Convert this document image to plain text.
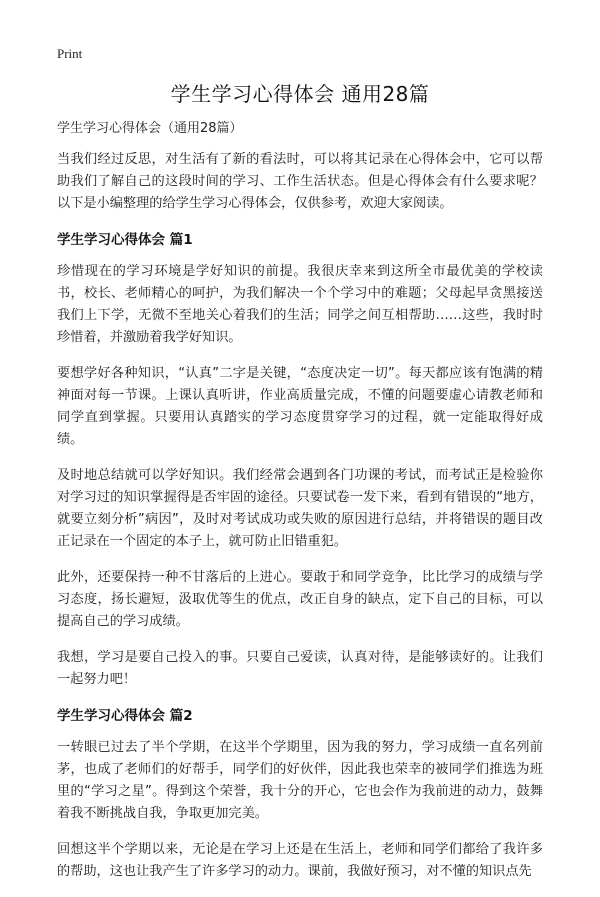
Print
学生学习心得体会 通用28篇
学生学习心得体会（通用28篇）

当我们经过反思，对生活有了新的看法时，可以将其记录在心得体会中，它可以帮助我们了解自己的这段时间的学习、工作生活状态。但是心得体会有什么要求呢？以下是小编整理的给学生学习心得体会，仅供参考，欢迎大家阅读。

学生学习心得体会 篇1

珍惜现在的学习环境是学好知识的前提。我很庆幸来到这所全市最优美的学校读书，校长、老师精心的呵护，为我们解决一个个学习中的难题；父母起早贪黑接送我们上下学，无微不至地关心着我们的生活；同学之间互相帮助……这些，我时时珍惜着，并激励着我学好知识。

要想学好各种知识，“认真”二字是关键，“态度决定一切”。每天都应该有饱满的精神面对每一节课。上课认真听讲，作业高质量完成，不懂的问题要虚心请教老师和同学直到掌握。只要用认真踏实的学习态度贯穿学习的过程，就一定能取得好成绩。

及时地总结就可以学好知识。我们经常会遇到各门功课的考试，而考试正是检验你对学习过的知识掌握得是否牢固的途径。只要试卷一发下来，看到有错误的“地方，就要立刻分析”病因”，及时对考试成功或失败的原因进行总结，并将错误的题目改正记录在一个固定的本子上，就可防止旧错重犯。

此外，还要保持一种不甘落后的上进心。要敢于和同学竞争，比比学习的成绩与学习态度，扬长避短，汲取优等生的优点，改正自身的缺点，定下自己的目标，可以提高自己的学习成绩。

我想，学习是要自己投入的事。只要自己爱读，认真对待，是能够读好的。让我们一起努力吧！

学生学习心得体会 篇2

一转眼已过去了半个学期，在这半个学期里，因为我的努力，学习成绩一直名列前茅，也成了老师们的好帮手，同学们的好伙伴，因此我也荣幸的被同学们推选为班里的“学习之星”。得到这个荣誉，我十分的开心，它也会作为我前进的动力，鼓舞着我不断挑战自我，争取更加完美。

回想这半个学期以来，无论是在学习上还是在生活上，老师和同学们都给了我许多的帮助，这也让我产生了许多学习的动力。课前，我做好预习，对不懂的知识点先
